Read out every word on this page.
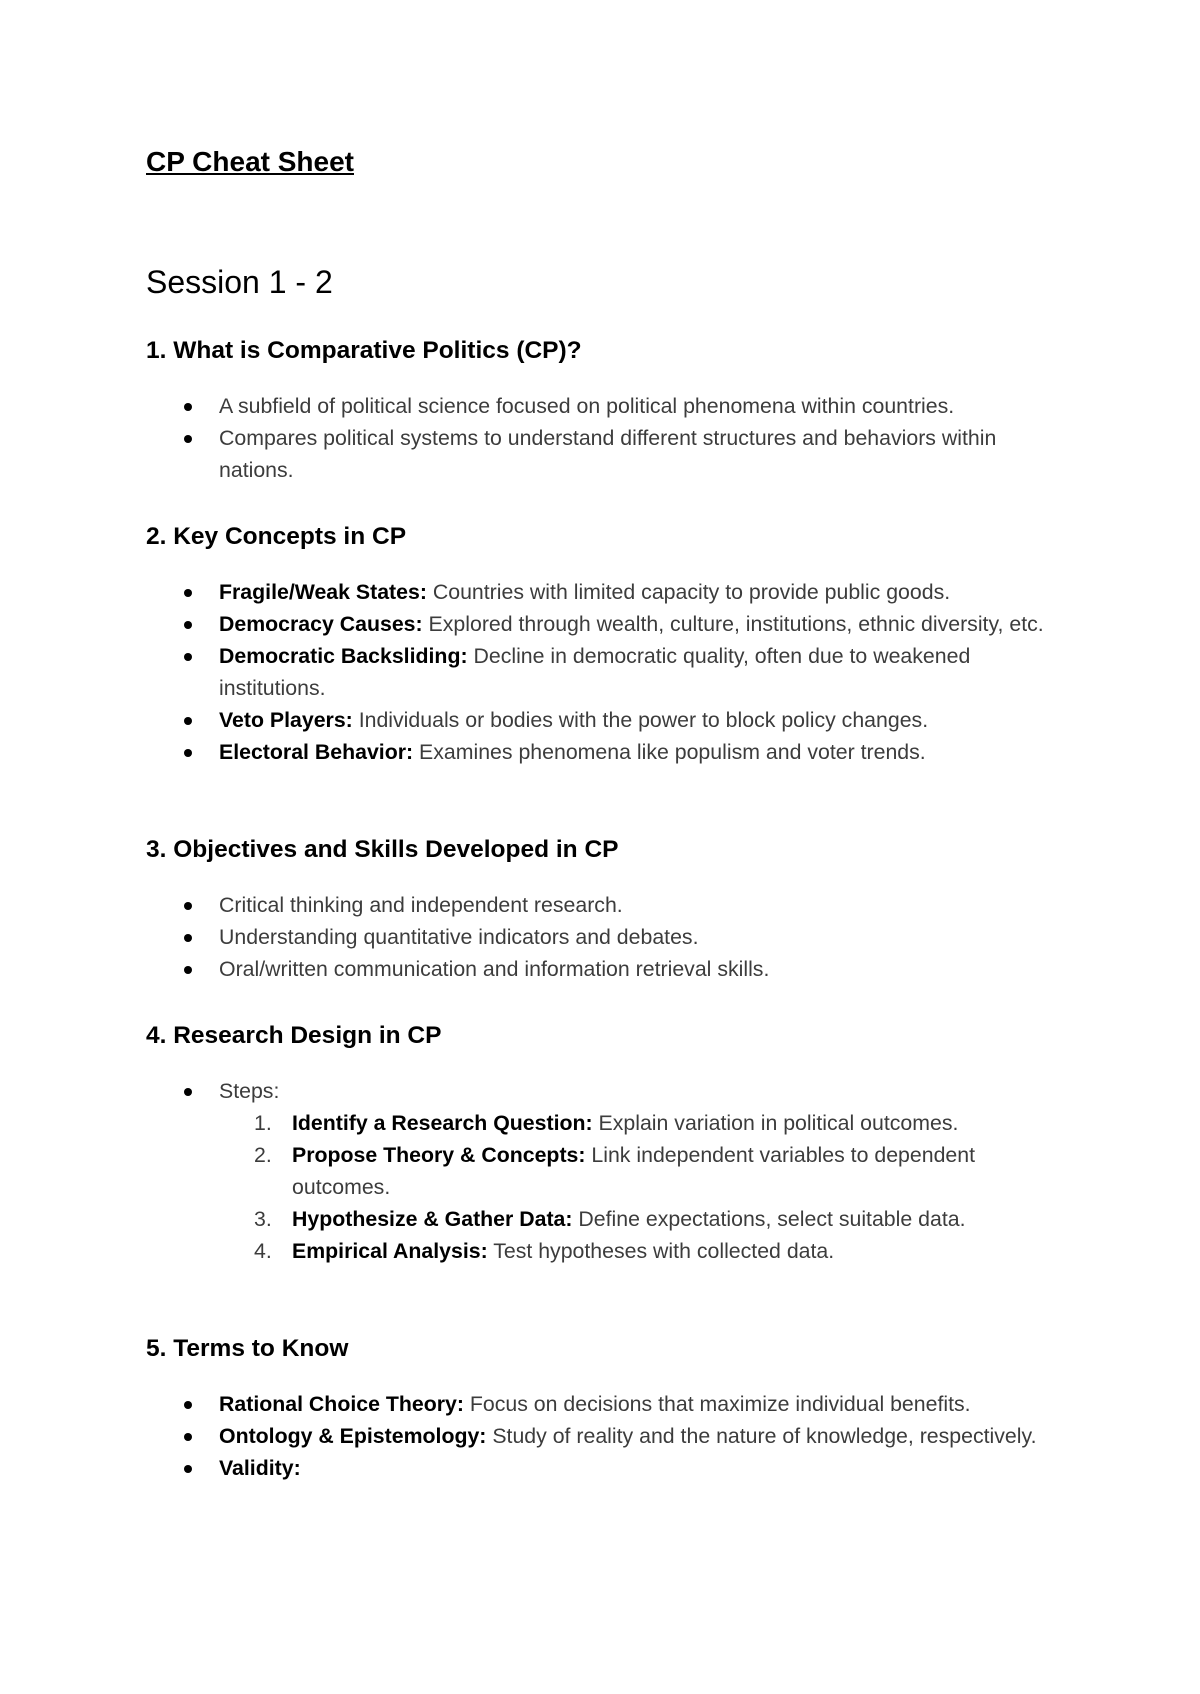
CP Cheat Sheet
Session 1 - 2
1. What is Comparative Politics (CP)?
A subfield of political science focused on political phenomena within countries.
Compares political systems to understand different structures and behaviors within nations.
2. Key Concepts in CP
Fragile/Weak States: Countries with limited capacity to provide public goods.
Democracy Causes: Explored through wealth, culture, institutions, ethnic diversity, etc.
Democratic Backsliding: Decline in democratic quality, often due to weakened institutions.
Veto Players: Individuals or bodies with the power to block policy changes.
Electoral Behavior: Examines phenomena like populism and voter trends.
3. Objectives and Skills Developed in CP
Critical thinking and independent research.
Understanding quantitative indicators and debates.
Oral/written communication and information retrieval skills.
4. Research Design in CP
Steps:
1. Identify a Research Question: Explain variation in political outcomes.
2. Propose Theory & Concepts: Link independent variables to dependent outcomes.
3. Hypothesize & Gather Data: Define expectations, select suitable data.
4. Empirical Analysis: Test hypotheses with collected data.
5. Terms to Know
Rational Choice Theory: Focus on decisions that maximize individual benefits.
Ontology & Epistemology: Study of reality and the nature of knowledge, respectively.
Validity:
